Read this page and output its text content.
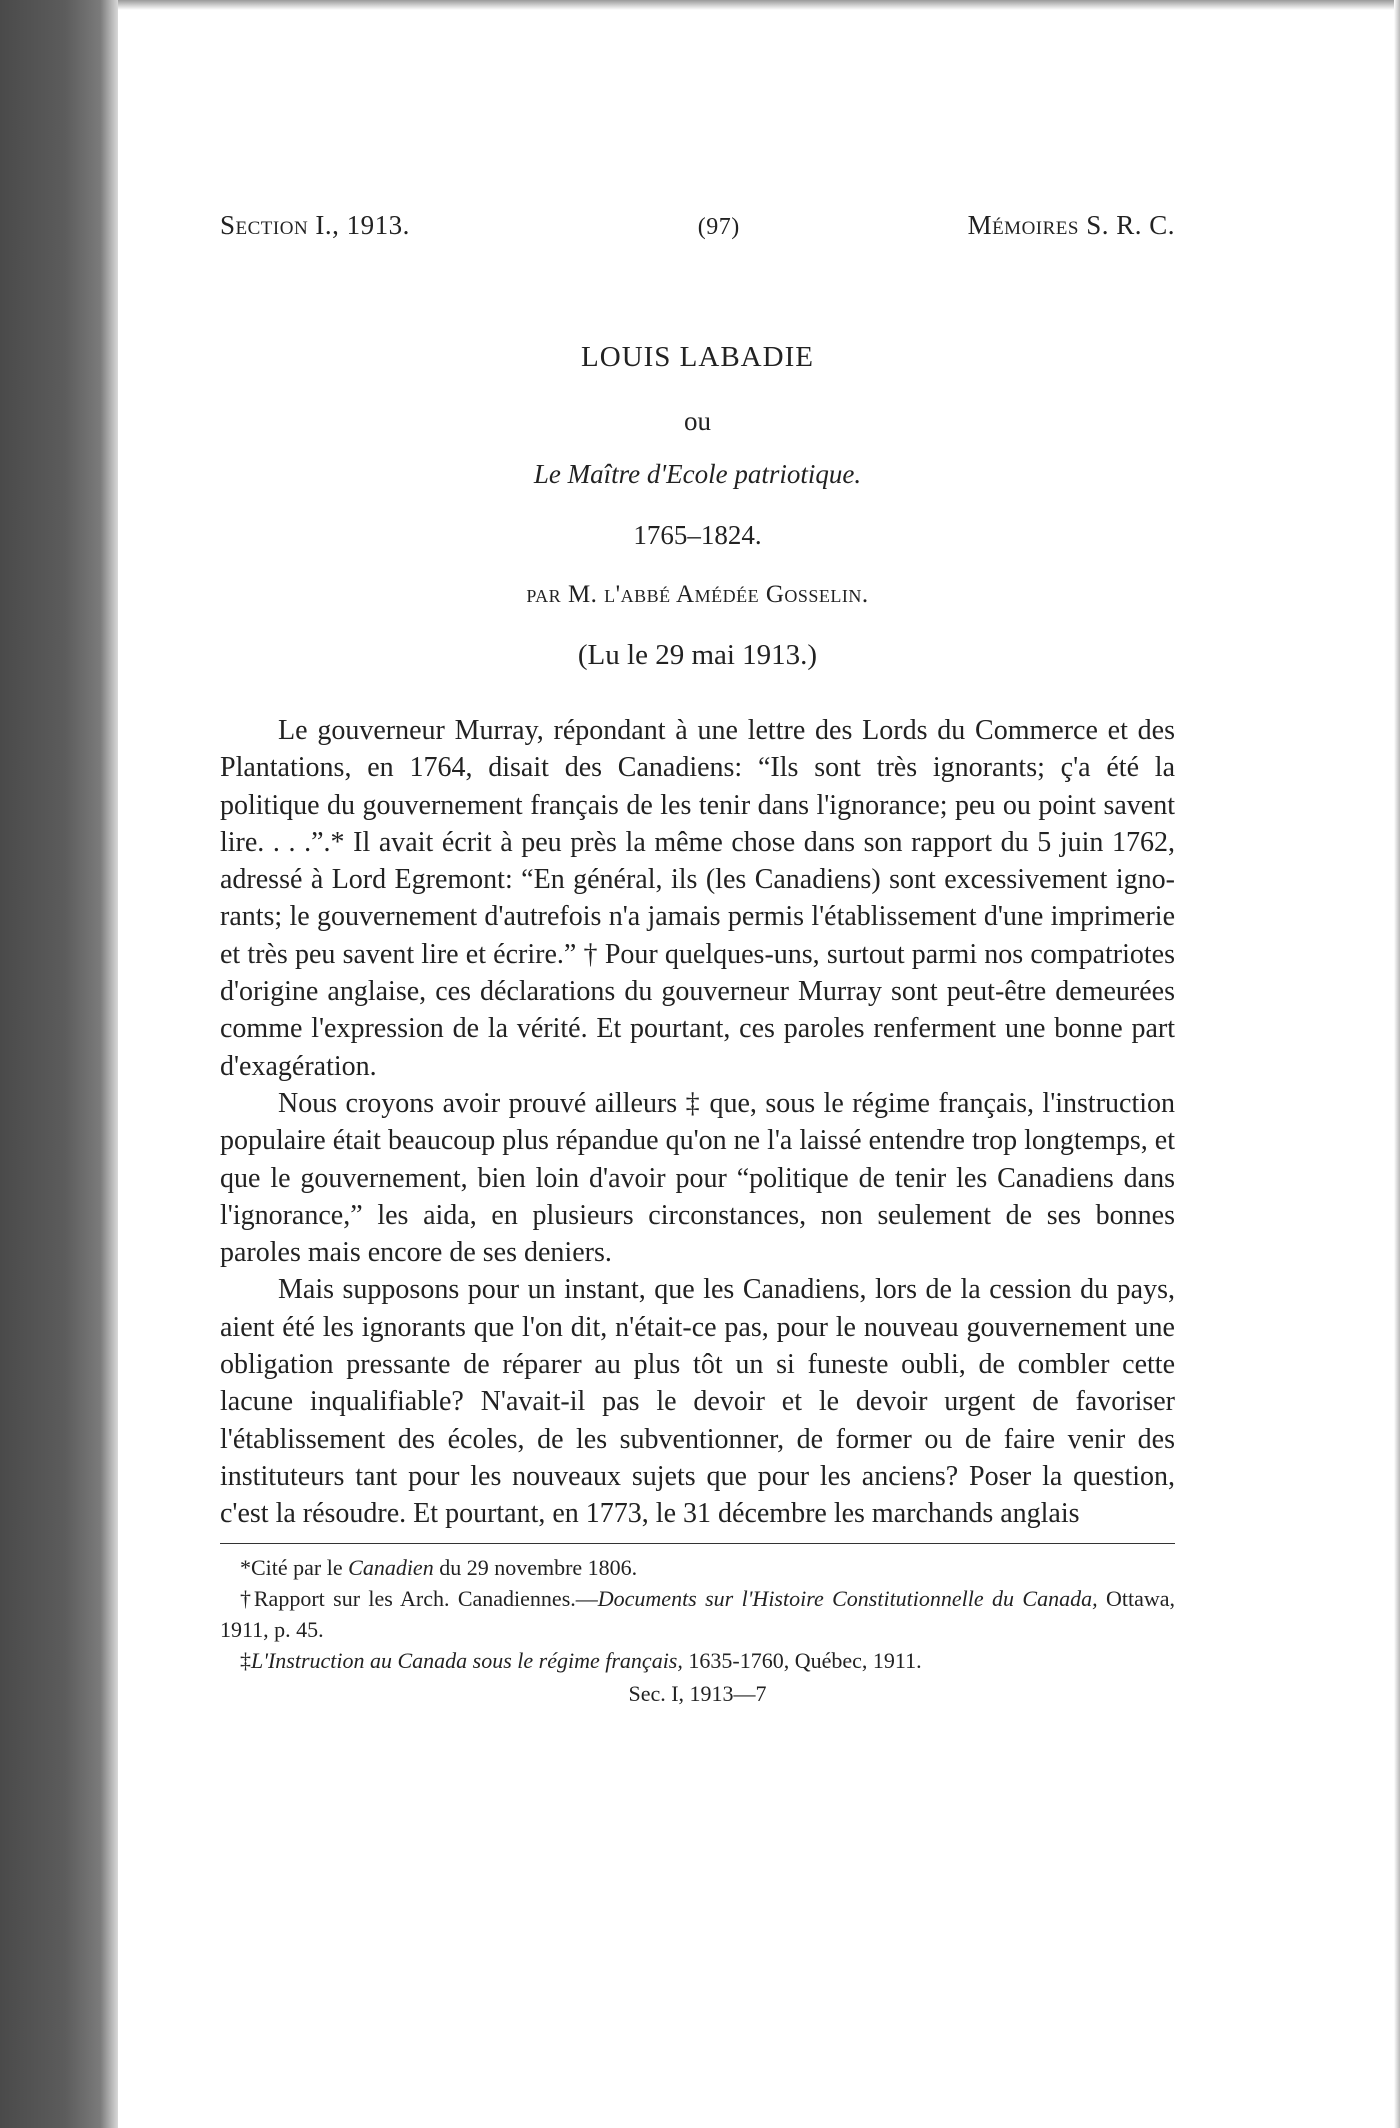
Section I., 1913.	(97)	Mémoires S. R. C.
LOUIS LABADIE
ou
Le Maître d'Ecole patriotique.
1765–1824.
par M. l'abbé Amédée Gosselin.
(Lu le 29 mai 1913.)

Le gouverneur Murray, répondant à une lettre des Lords du Commerce et des Plantations, en 1764, disait des Canadiens: “Ils sont très ignorants; ç'a été la politique du gouvernement français de les tenir dans l'ignorance; peu ou point savent lire. . . .”.* Il avait écrit à peu près la même chose dans son rapport du 5 juin 1762, adressé à Lord Egremont: “En général, ils (les Canadiens) sont excessivement ignorants; le gouvernement d'autrefois n'a jamais permis l'établissement d'une imprimerie et très peu savent lire et écrire.” † Pour quelques-uns, surtout parmi nos compatriotes d'origine anglaise, ces déclarations du gouverneur Murray sont peut-être demeurées comme l'expression de la vérité. Et pourtant, ces paroles renferment une bonne part d'exagération.

Nous croyons avoir prouvé ailleurs ‡ que, sous le régime français, l'instruction populaire était beaucoup plus répandue qu'on ne l'a laissé entendre trop longtemps, et que le gouvernement, bien loin d'avoir pour “politique de tenir les Canadiens dans l'ignorance,” les aida, en plusieurs circonstances, non seulement de ses bonnes paroles mais encore de ses deniers.

Mais supposons pour un instant, que les Canadiens, lors de la cession du pays, aient été les ignorants que l'on dit, n'était-ce pas, pour le nouveau gouvernement une obligation pressante de réparer au plus tôt un si funeste oubli, de combler cette lacune inqualifiable? N'avait-il pas le devoir et le devoir urgent de favoriser l'établissement des écoles, de les subventionner, de former ou de faire venir des instituteurs tant pour les nouveaux sujets que pour les anciens? Poser la question, c'est la résoudre. Et pourtant, en 1773, le 31 décembre les marchands anglais

*Cité par le Canadien du 29 novembre 1806.

†Rapport sur les Arch. Canadiennes.—Documents sur l'Histoire Constitutionnelle du Canada, Ottawa, 1911, p. 45.

‡L'Instruction au Canada sous le régime français, 1635-1760, Québec, 1911.

Sec. I, 1913—7
